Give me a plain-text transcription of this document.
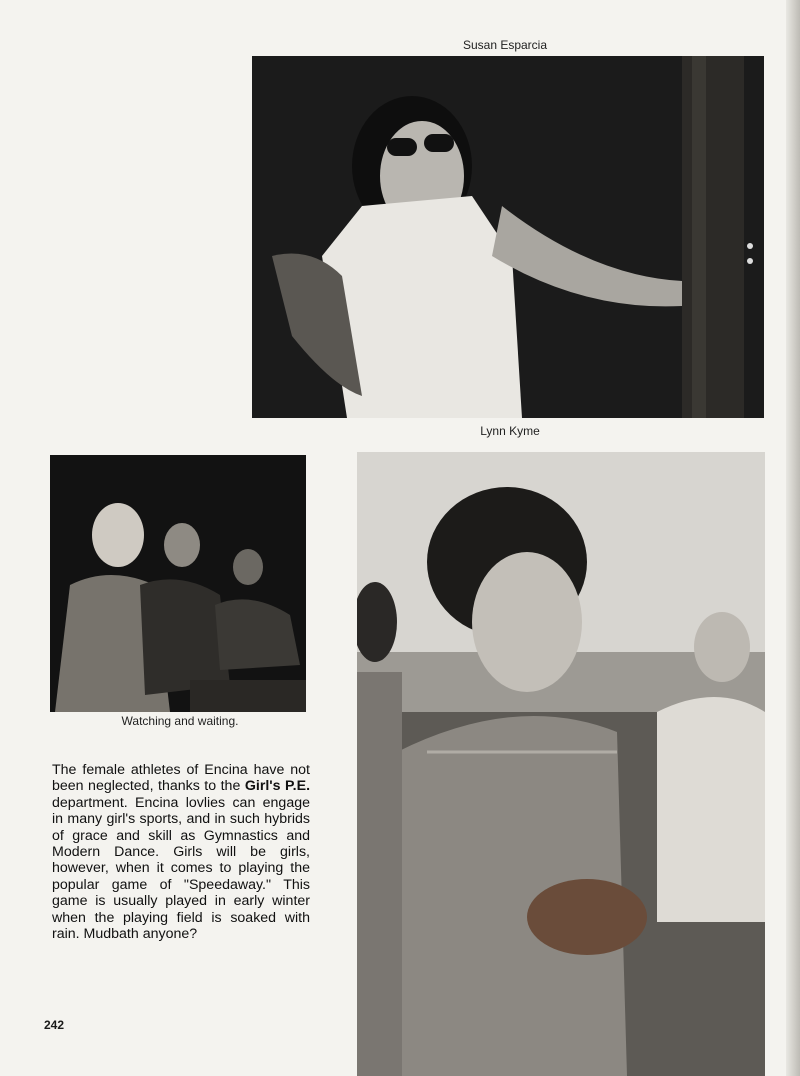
Susan Esparcia
Lynn Kyme
Watching and waiting.
The female athletes of Encina have not been neglected, thanks to the Girl's P.E. department. Encina lovlies can engage in many girl's sports, and in such hybrids of grace and skill as Gymnastics and Modern Dance. Girls will be girls, however, when it comes to playing the popular game of "Speedaway." This game is usually played in early winter when the playing field is soaked with rain. Mudbath anyone?
242
